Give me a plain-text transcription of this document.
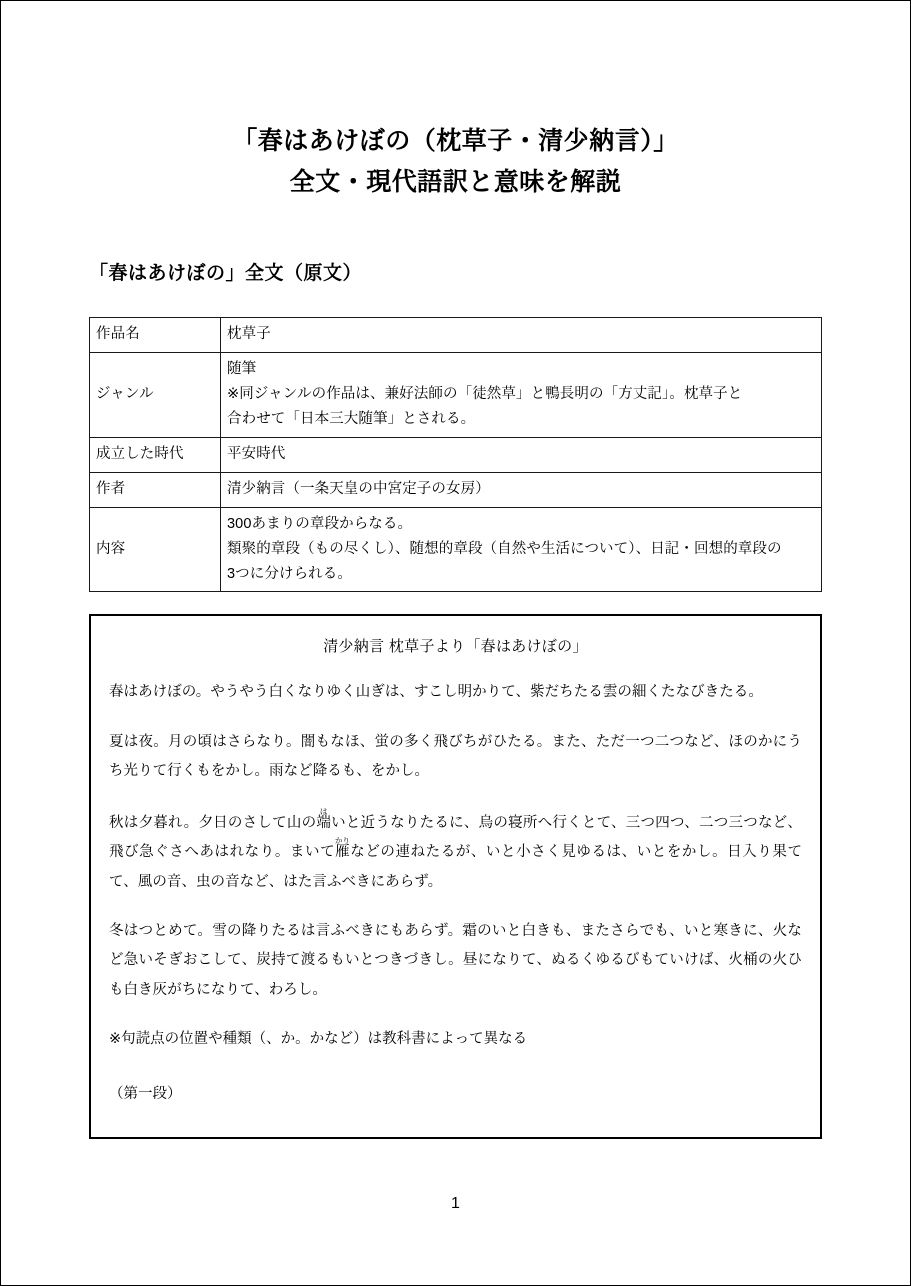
「春はあけぼの（枕草子・清少納言）」
全文・現代語訳と意味を解説
「春はあけぼの」全文（原文）
作品名	枕草子

ジャンル	随筆

※同ジャンルの作品は、兼好法師の「徒然草」と鴨長明の「方丈記」。枕草子と

合わせて「日本三大随筆」とされる。

成立した時代	平安時代

作者	清少納言（一条天皇の中宮定子の女房）

内容	300あまりの章段からなる。

類聚的章段（もの尽くし）、随想的章段（自然や生活について）、日記・回想的章段の

3つに分けられる。

清少納言 枕草子より「春はあけぼの」

春はあけぼの。やうやう白くなりゆく山ぎは、すこし明かりて、紫だちたる雲の細くたなびきたる。

夏は夜。月の頃はさらなり。闇もなほ、蛍の多く飛びちがひたる。また、ただ一つ二つなど、ほのかにうち光りて行くもをかし。雨など降るも、をかし。

秋は夕暮れ。夕日のさして山の端はいと近うなりたるに、烏の寝所へ行くとて、三つ四つ、二つ三つなど、飛び急ぐさへあはれなり。まいて雁かりなどの連ねたるが、いと小さく見ゆるは、いとをかし。日入り果てて、風の音、虫の音など、はた言ふべきにあらず。

冬はつとめて。雪の降りたるは言ふべきにもあらず。霜のいと白きも、またさらでも、いと寒きに、火など急いそぎおこして、炭持て渡るもいとつきづきし。昼になりて、ぬるくゆるびもていけば、火桶の火ひも白き灰がちになりて、わろし。

※句読点の位置や種類（、か。かなど）は教科書によって異なる

（第一段）

1
